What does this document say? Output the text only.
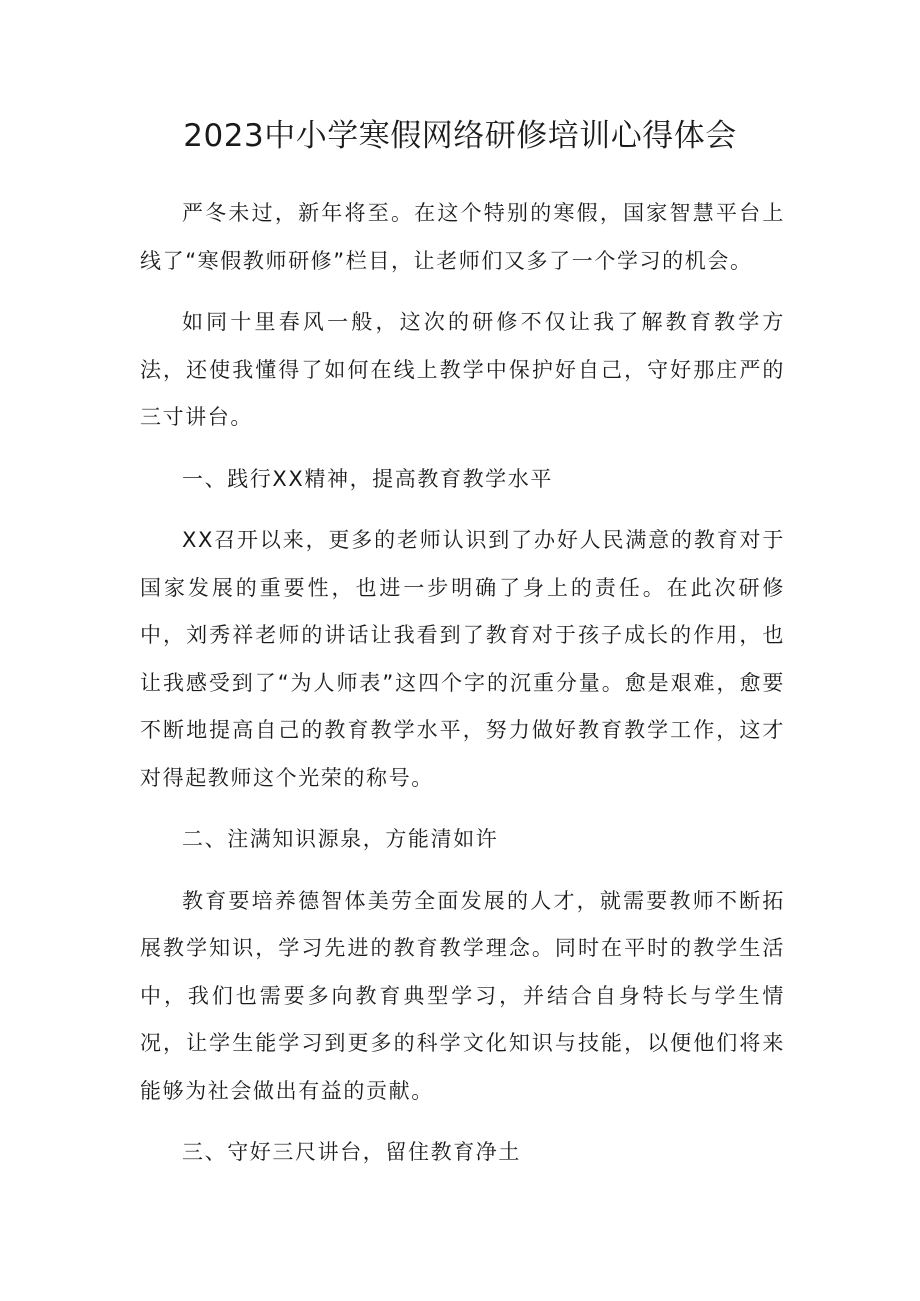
2023中小学寒假网络研修培训心得体会

严冬未过，新年将至。在这个特别的寒假，国家智慧平台上线了“寒假教师研修”栏目，让老师们又多了一个学习的机会。

如同十里春风一般，这次的研修不仅让我了解教育教学方法，还使我懂得了如何在线上教学中保护好自己，守好那庄严的三寸讲台。

一、践行XX精神，提高教育教学水平

XX召开以来，更多的老师认识到了办好人民满意的教育对于国家发展的重要性，也进一步明确了身上的责任。在此次研修中，刘秀祥老师的讲话让我看到了教育对于孩子成长的作用，也让我感受到了“为人师表”这四个字的沉重分量。愈是艰难，愈要不断地提高自己的教育教学水平，努力做好教育教学工作，这才对得起教师这个光荣的称号。

二、注满知识源泉，方能清如许

教育要培养德智体美劳全面发展的人才，就需要教师不断拓展教学知识，学习先进的教育教学理念。同时在平时的教学生活中，我们也需要多向教育典型学习，并结合自身特长与学生情况，让学生能学习到更多的科学文化知识与技能，以便他们将来能够为社会做出有益的贡献。

三、守好三尺讲台，留住教育净土
